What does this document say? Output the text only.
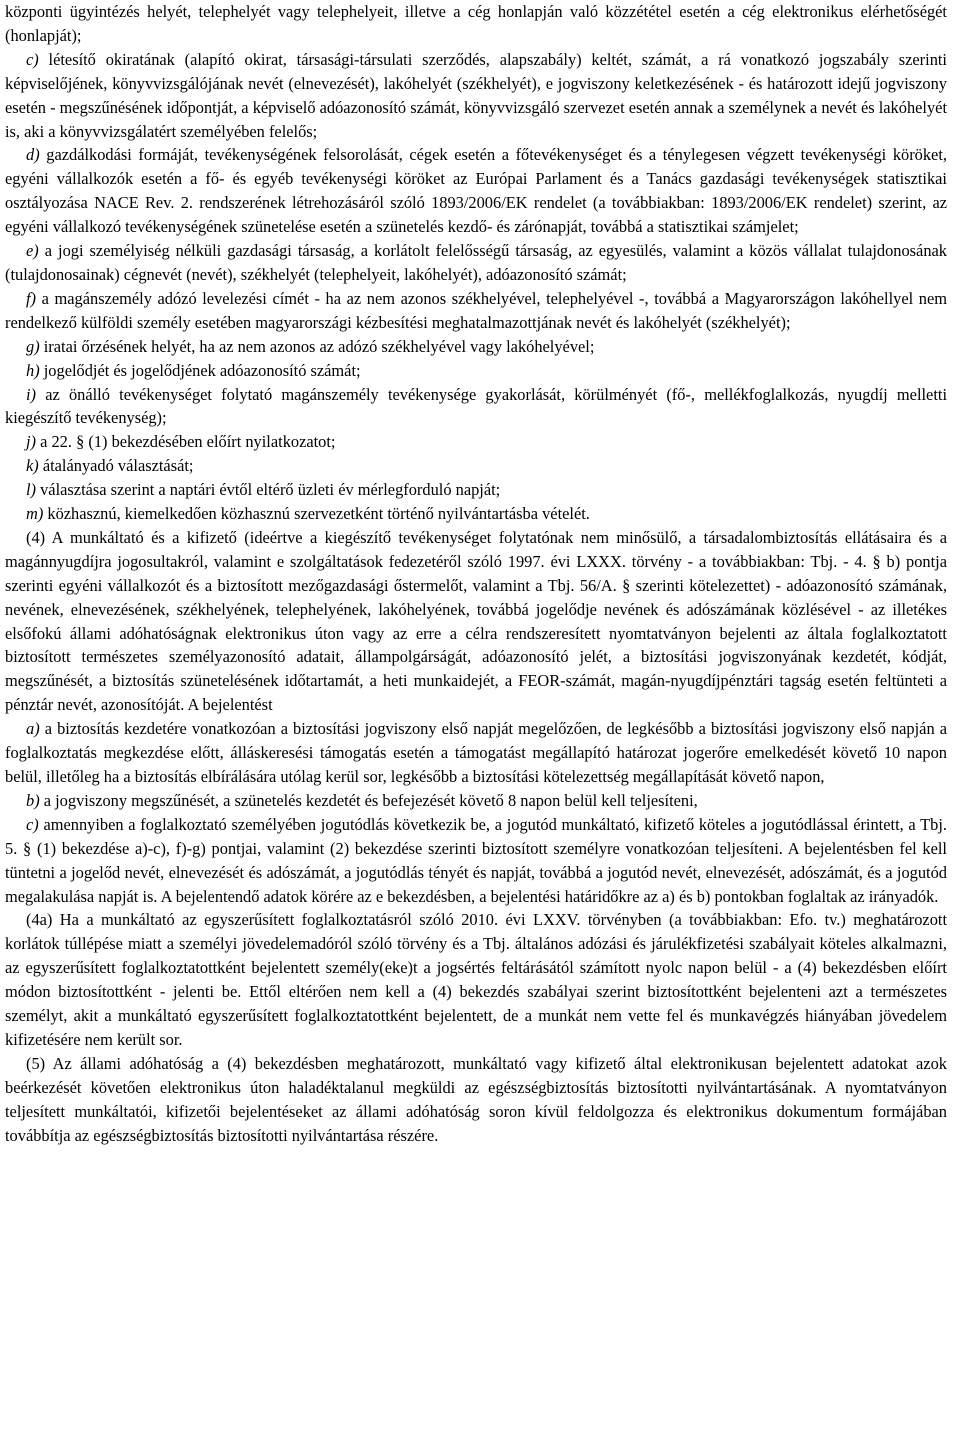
központi ügyintézés helyét, telephelyét vagy telephelyeit, illetve a cég honlapján való közzététel esetén a cég elektronikus elérhetőségét (honlapját);

c) létesítő okiratának (alapító okirat, társasági-társulati szerződés, alapszabály) keltét, számát, a rá vonatkozó jogszabály szerinti képviselőjének, könyvvizsgálójának nevét (elnevezését), lakóhelyét (székhelyét), e jogviszony keletkezésének - és határozott idejű jogviszony esetén - megszűnésének időpontját, a képviselő adóazonosító számát, könyvvizsgáló szervezet esetén annak a személynek a nevét és lakóhelyét is, aki a könyvvizsgálatért személyében felelős;

d) gazdálkodási formáját, tevékenységének felsorolását, cégek esetén a főtevékenységet és a ténylegesen végzett tevékenységi köröket, egyéni vállalkozók esetén a fő- és egyéb tevékenységi köröket az Európai Parlament és a Tanács gazdasági tevékenységek statisztikai osztályozása NACE Rev. 2. rendszerének létrehozásáról szóló 1893/2006/EK rendelet (a továbbiakban: 1893/2006/EK rendelet) szerint, az egyéni vállalkozó tevékenységének szünetelése esetén a szünetelés kezdő- és zárónapját, továbbá a statisztikai számjelet;

e) a jogi személyiség nélküli gazdasági társaság, a korlátolt felelősségű társaság, az egyesülés, valamint a közös vállalat tulajdonosának (tulajdonosainak) cégnevét (nevét), székhelyét (telephelyeit, lakóhelyét), adóazonosító számát;

f) a magánszemély adózó levelezési címét - ha az nem azonos székhelyével, telephelyével -, továbbá a Magyarországon lakóhellyel nem rendelkező külföldi személy esetében magyarországi kézbesítési meghatalmazottjának nevét és lakóhelyét (székhelyét);

g) iratai őrzésének helyét, ha az nem azonos az adózó székhelyével vagy lakóhelyével;

h) jogelődjét és jogelődjének adóazonosító számát;

i) az önálló tevékenységet folytató magánszemély tevékenysége gyakorlását, körülményét (fő-, mellékfoglalkozás, nyugdíj melletti kiegészítő tevékenység);

j) a 22. § (1) bekezdésében előírt nyilatkozatot;

k) átalányadó választását;

l) választása szerint a naptári évtől eltérő üzleti év mérlegforduló napját;

m) közhasznú, kiemelkedően közhasznú szervezetként történő nyilvántartásba vételét.

(4) A munkáltató és a kifizető (ideértve a kiegészítő tevékenységet folytatónak nem minősülő, a társadalombiztosítás ellátásaira és a magánnyugdíjra jogosultakról, valamint e szolgáltatások fedezetéről szóló 1997. évi LXXX. törvény - a továbbiakban: Tbj. - 4. § b) pontja szerinti egyéni vállalkozót és a biztosított mezőgazdasági őstermelőt, valamint a Tbj. 56/A. § szerinti kötelezettet) - adóazonosító számának, nevének, elnevezésének, székhelyének, telephelyének, lakóhelyének, továbbá jogelődje nevének és adószámának közlésével - az illetékes elsőfokú állami adóhatóságnak elektronikus úton vagy az erre a célra rendszeresített nyomtatványon bejelenti az általa foglalkoztatott biztosított természetes személyazonosító adatait, állampolgárságát, adóazonosító jelét, a biztosítási jogviszonyának kezdetét, kódját, megszűnését, a biztosítás szünetelésének időtartamát, a heti munkaidejét, a FEOR-számát, magán-nyugdíjpénztári tagság esetén feltünteti a pénztár nevét, azonosítóját. A bejelentést

a) a biztosítás kezdetére vonatkozóan a biztosítási jogviszony első napját megelőzően, de legkésőbb a biztosítási jogviszony első napján a foglalkoztatás megkezdése előtt, álláskeresési támogatás esetén a támogatást megállapító határozat jogerőre emelkedését követő 10 napon belül, illetőleg ha a biztosítás elbírálására utólag kerül sor, legkésőbb a biztosítási kötelezettség megállapítását követő napon,

b) a jogviszony megszűnését, a szünetelés kezdetét és befejezését követő 8 napon belül kell teljesíteni,

c) amennyiben a foglalkoztató személyében jogutódlás következik be, a jogutód munkáltató, kifizető köteles a jogutódlással érintett, a Tbj. 5. § (1) bekezdése a)-c), f)-g) pontjai, valamint (2) bekezdése szerinti biztosított személyre vonatkozóan teljesíteni. A bejelentésben fel kell tüntetni a jogelőd nevét, elnevezését és adószámát, a jogutódlás tényét és napját, továbbá a jogutód nevét, elnevezését, adószámát, és a jogutód megalakulása napját is. A bejelentendő adatok körére az e bekezdésben, a bejelentési határidőkre az a) és b) pontokban foglaltak az irányadók.

(4a) Ha a munkáltató az egyszerűsített foglalkoztatásról szóló 2010. évi LXXV. törvényben (a továbbiakban: Efo. tv.) meghatározott korlátok túllépése miatt a személyi jövedelemadóról szóló törvény és a Tbj. általános adózási és járulékfizetési szabályait köteles alkalmazni, az egyszerűsített foglalkoztatottként bejelentett személy(eke)t a jogsértés feltárásától számított nyolc napon belül - a (4) bekezdésben előírt módon biztosítottként - jelenti be. Ettől eltérően nem kell a (4) bekezdés szabályai szerint biztosítottként bejelenteni azt a természetes személyt, akit a munkáltató egyszerűsített foglalkoztatottként bejelentett, de a munkát nem vette fel és munkavégzés hiányában jövedelem kifizetésére nem került sor.

(5) Az állami adóhatóság a (4) bekezdésben meghatározott, munkáltató vagy kifizető által elektronikusan bejelentett adatokat azok beérkezését követően elektronikus úton haladéktalanul megküldi az egészségbiztosítás biztosítotti nyilvántartásának. A nyomtatványon teljesített munkáltatói, kifizetői bejelentéseket az állami adóhatóság soron kívül feldolgozza és elektronikus dokumentum formájában továbbítja az egészségbiztosítás biztosítotti nyilvántartása részére.
